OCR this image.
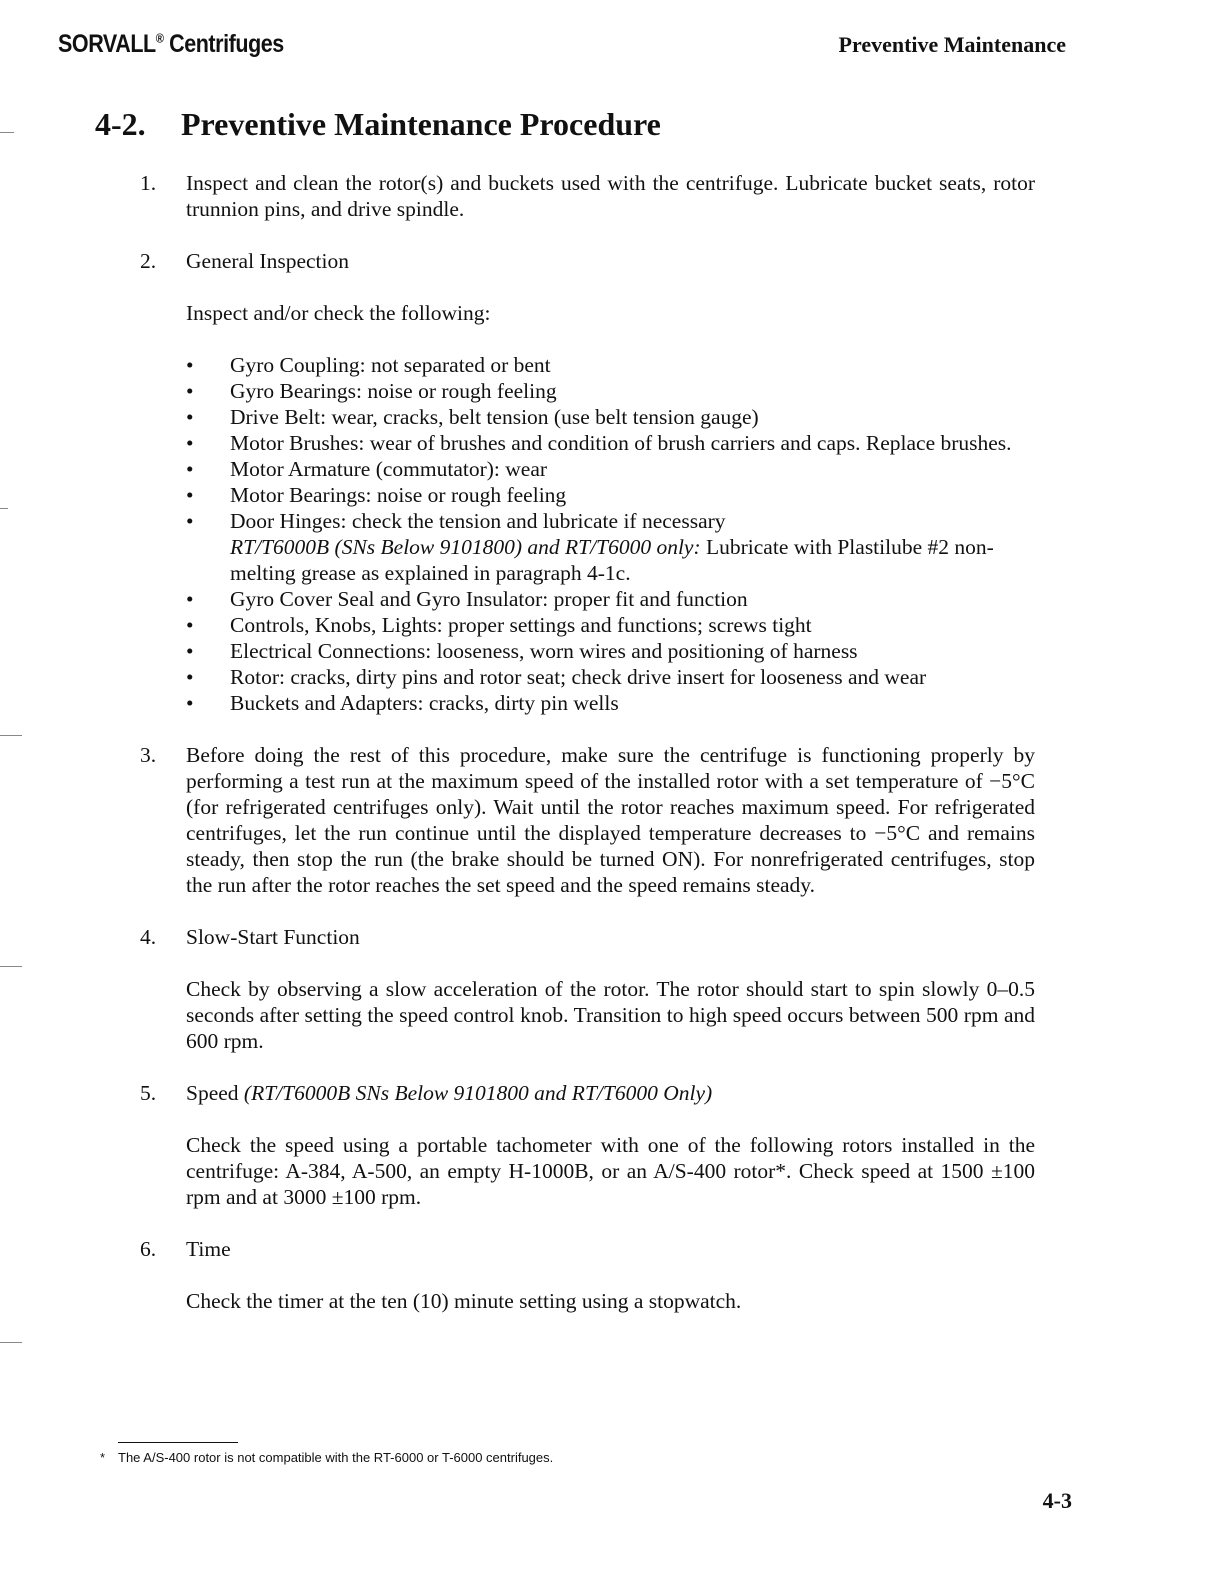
SORVALL® Centrifuges	Preventive Maintenance
4-2. Preventive Maintenance Procedure
1.	Inspect and clean the rotor(s) and buckets used with the centrifuge. Lubricate bucket seats, rotor trunnion pins, and drive spindle.

2.	General Inspection

Inspect and/or check the following:

• Gyro Coupling: not separated or bent
• Gyro Bearings: noise or rough feeling
• Drive Belt: wear, cracks, belt tension (use belt tension gauge)
• Motor Brushes: wear of brushes and condition of brush carriers and caps. Replace brushes.
• Motor Armature (commutator): wear
• Motor Bearings: noise or rough feeling
• Door Hinges: check the tension and lubricate if necessary
RT/T6000B (SNs Below 9101800) and RT/T6000 only: Lubricate with Plastilube #2 non-melting grease as explained in paragraph 4-1c.
• Gyro Cover Seal and Gyro Insulator: proper fit and function
• Controls, Knobs, Lights: proper settings and functions; screws tight
• Electrical Connections: looseness, worn wires and positioning of harness
• Rotor: cracks, dirty pins and rotor seat; check drive insert for looseness and wear
• Buckets and Adapters: cracks, dirty pin wells
3.	Before doing the rest of this procedure, make sure the centrifuge is functioning properly by performing a test run at the maximum speed of the installed rotor with a set temperature of −5°C (for refrigerated centrifuges only). Wait until the rotor reaches maximum speed. For refrigerated centrifuges, let the run continue until the displayed temperature decreases to −5°C and remains steady, then stop the run (the brake should be turned ON). For nonrefrigerated centrifuges, stop the run after the rotor reaches the set speed and the speed remains steady.

4.	Slow-Start Function

Check by observing a slow acceleration of the rotor. The rotor should start to spin slowly 0–0.5 seconds after setting the speed control knob. Transition to high speed occurs between 500 rpm and 600 rpm.

5.	Speed (RT/T6000B SNs Below 9101800 and RT/T6000 Only)

Check the speed using a portable tachometer with one of the following rotors installed in the centrifuge: A-384, A-500, an empty H-1000B, or an A/S-400 rotor*. Check speed at 1500 ±100 rpm and at 3000 ±100 rpm.

6.	Time

Check the timer at the ten (10) minute setting using a stopwatch.

* The A/S-400 rotor is not compatible with the RT-6000 or T-6000 centrifuges.
4-3
